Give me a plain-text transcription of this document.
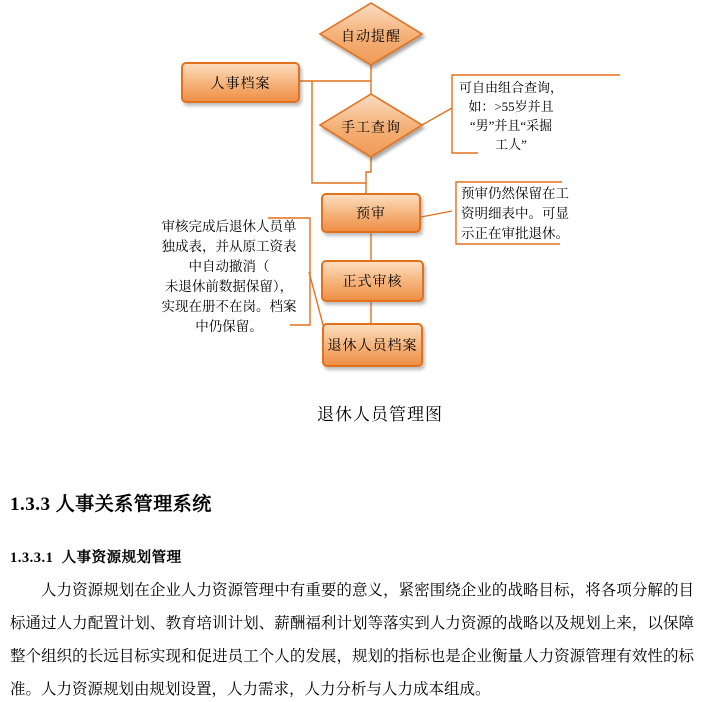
自动提醒
手工查询
人事档案
预审
正式审核
退休人员档案
可自由组合查询，
如：>55岁并且
“男”并且“采掘
工人”
预审仍然保留在工
资明细表中。可显
示正在审批退休。
审核完成后退休人员单
独成表，并从原工资表
中自动撤消（
未退休前数据保留），
实现在册不在岗。档案
中仍保留。
退休人员管理图
1.3.3 人事关系管理系统
1.3.3.1  人事资源规划管理

人力资源规划在企业人力资源管理中有重要的意义，紧密围绕企业的战略目标，将各项分解的目标通过人力配置计划、教育培训计划、薪酬福利计划等落实到人力资源的战略以及规划上来，以保障整个组织的长远目标实现和促进员工个人的发展，规划的指标也是企业衡量人力资源管理有效性的标准。人力资源规划由规划设置，人力需求，人力分析与人力成本组成。
